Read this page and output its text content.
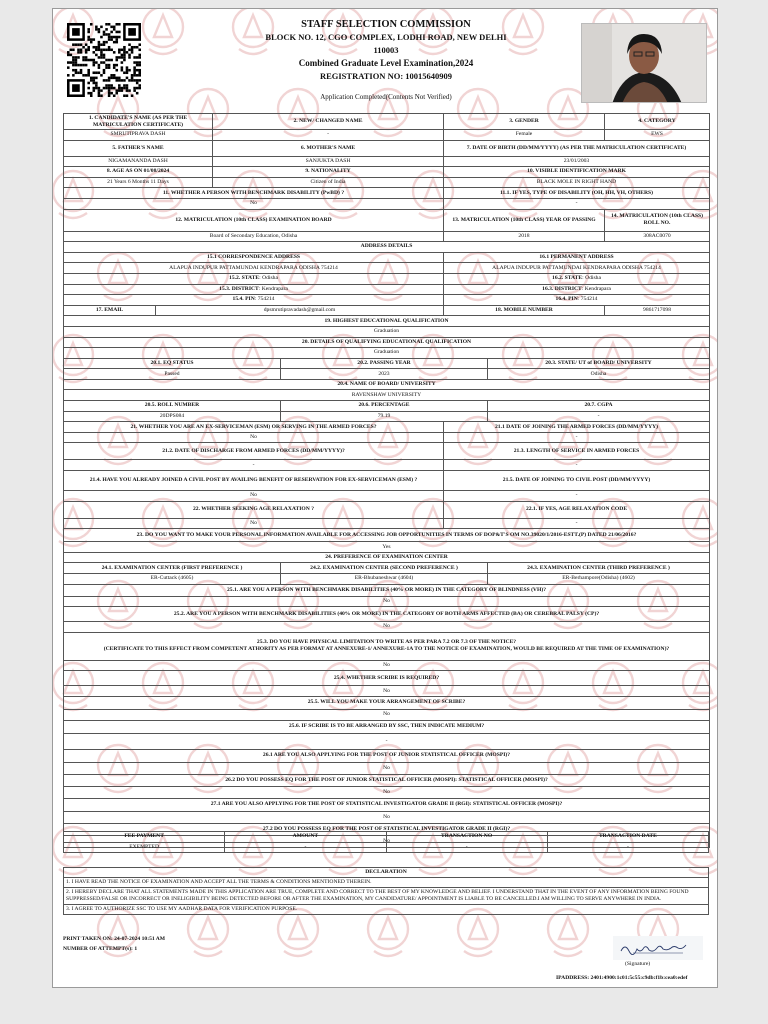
STAFF SELECTION COMMISSION
BLOCK NO. 12, CGO COMPLEX, LODHI ROAD, NEW DELHI
110003
Combined Graduate Level Examination,2024
REGISTRATION NO: 10015640909
Application Completed(Contents Not Verified)
1. CANDIDATE'S NAME (AS PER THE MATRICULATION CERTIFICATE)		2. NEW/ CHANGED NAME		3. GENDER		4. CATEGORY
SMRUTIPRAVA DASH		-		Female		EWS
5. FATHER'S NAME		6. MOTHER'S NAME		7. DATE OF BIRTH (DD/MM/YYYY) (AS PER THE MATRICULATION CERTIFICATE)		
NIGAMANANDA DASH		SANJUKTA DASH		23/01/2003		
8. AGE AS ON 01/08/2024		9. NATIONALITY		10. VISIBLE IDENTIFICATION MARK		
21 Years 6 Months 11 Days		Citizen of India		BLACK MOLE IN RIGHT HAND		
11. WHETHER A PERSON WITH BENCHMARK DISABILITY (PwBD) ?				11.1. IF YES, TYPE OF DISABILITY (OH, HH, VH, OTHERS)		
No				-		
12. MATRICULATION (10th CLASS) EXAMINATION BOARD				13. MATRICULATION (10th CLASS) YEAR OF PASSING		14. MATRICULATION (10th CLASS) ROLL NO.
Board of Secondary Education, Odisha				2018		308AC0070
ADDRESS DETAILS						
15.1 CORRESPONDENCE ADDRESS				16.1 PERMANENT ADDRESS		
ALAPUA INDUPUR PATTAMUNDAI KENDRAPARA ODISHA 754214				ALAPUA INDUPUR PATTAMUNDAI KENDRAPARA ODISHA 754214		
15.2. STATE: Odisha				16.2. STATE: Odisha		
15.3. DISTRICT: Kendrapara				16.3. DISTRICT: Kendrapara		
15.4. PIN: 754214				16.4. PIN: 754214		
17. EMAIL	dpsmrutipravadash@gmail.com			18. MOBILE NUMBER		9861717098
19. HIGHEST EDUCATIONAL QUALIFICATION						
Graduation						
20. DETAILS OF QUALIFYING EDUCATIONAL QUALIFICATION						
Graduation						
20.1. EQ STATUS			20.2. PASSING YEAR		20.3. STATE/ UT of BOARD/ UNIVERSITY	
Passed			2023		Odisha	
20.4. NAME OF BOARD/ UNIVERSITY						
RAVENSHAW UNIVERSITY						
20.5. ROLL NUMBER			20.6. PERCENTAGE		20.7. CGPA	
20DPS084			79.19		-	
21. WHETHER YOU ARE AN EX-SERVICEMAN (ESM) OR SERVING IN THE ARMED FORCES?				21.1 DATE OF JOINING THE ARMED FORCES (DD/MM/YYYY)		
No				-		
21.2. DATE OF DISCHARGE FROM ARMED FORCES (DD/MM/YYYY)?				21.3. LENGTH OF SERVICE IN ARMED FORCES		
-				-		
21.4. HAVE YOU ALREADY JOINED A CIVIL POST BY AVAILING BENEFIT OF RESERVATION FOR EX-SERVICEMAN (ESM) ?				21.5. DATE OF JOINING TO CIVIL POST (DD/MM/YYYY)		
No				-		
22. WHETHER SEEKING AGE RELAXATION ?				22.1. IF YES, AGE RELAXATION CODE		
No				-		
23. DO YOU WANT TO MAKE YOUR PERSONAL INFORMATION AVAILABLE FOR ACCESSING JOB OPPORTUNITIES IN TERMS OF DOP&T'S OM NO.39020/1/2016-ESTT.(P) DATED 21/06/2016?						
Yes						
24. PREFERENCE OF EXAMINATION CENTER						
24.1. EXAMINATION CENTER (FIRST PREFERENCE )			24.2. EXAMINATION CENTER (SECOND PREFERENCE )		24.3. EXAMINATION CENTER (THIRD PREFERENCE )	
ER-Cuttack (4605)			ER-Bhubaneshwar (4604)		ER-Berhampore(Odisha) (4602)	
25.1. ARE YOU A PERSON WITH BENCHMARK DISABILITIES (40% OR MORE) IN THE CATEGORY OF BLINDNESS (VH)?						
No						
25.2. ARE YOU A PERSON WITH BENCHMARK DISABILITIES (40% OR MORE) IN THE CATEGORY OF BOTH ARMS AFFECTED (BA) OR CEREBRAL PALSY (CP)?						
No						

25.3. DO YOU HAVE PHYSICAL LIMITATION TO WRITE AS PER PARA 7.2 OR 7.3 OF THE NOTICE?
(CERTIFICATE TO THIS EFFECT FROM COMPETENT ATHORITY AS PER FORMAT AT ANNEXURE-1/ ANNEXURE-1A TO THE NOTICE OF EXAMINATION, WOULD BE REQUIRED AT THE TIME OF EXAMINATION)?						

No						
25.4. WHETHER SCRIBE IS REQUIRED?						
No						
25.5. WILL YOU MAKE YOUR ARRANGEMENT OF SCRIBE?						
No						
25.6. IF SCRIBE IS TO BE ARRANGED BY SSC, THEN INDICATE MEDIUM?						
-						
26.1 ARE YOU ALSO APPLYING FOR THE POST OF JUNIOR STATISTICAL OFFICER (MOSPI)?						
No						
26.2 DO YOU POSSESS EQ FOR THE POST OF JUNIOR STATISTICAL OFFICER (MOSPI): STATISTICAL OFFICER (MOSPI)?						
No						
27.1 ARE YOU ALSO APPLYING FOR THE POST OF STATISTICAL INVESTIGATOR GRADE II (RGI): STATISTICAL OFFICER (MOSPI)?						
No						
27.2 DO YOU POSSESS EQ FOR THE POST OF STATISTICAL INVESTIGATOR GRADE II (RGI)?						
No						
FEE PAYMENT	AMOUNT	TRANSACTION NO	TRANSACTION DATE
EXEMPTED	-	-	-
DECLARATION
1. I HAVE READ THE NOTICE OF EXAMINATION AND ACCEPT ALL THE TERMS & CONDITIONS MENTIONED THEREIN.
2. I HEREBY DECLARE THAT ALL STATEMENTS MADE IN THIS APPLICATION ARE TRUE, COMPLETE AND CORRECT TO THE BEST OF MY KNOWLEDGE AND BELIEF. I UNDERSTAND THAT IN THE EVENT OF ANY INFORMATION BEING FOUND SUPPRESSED/FALSE OR INCORRECT OR INELIGIBILITY BEING DETECTED BEFORE OR AFTER THE EXAMINATION, MY CANDIDATURE/ APPOINTMENT IS LIABLE TO BE CANCELLED.I AM WILLING TO SERVE ANYWHERE IN INDIA.
3. I AGREE TO AUTHORIZE SSC TO USE MY AADHAR DATA FOR VERIFICATION PURPOSE.
PRINT TAKEN ON: 24-07-2024 10:51 AM
NUMBER OF ATTEMPT(s): 1
(Signature)
IPADDRESS: 2401:4900:1c01:5c55:c9db:f1b:cea0:edef
